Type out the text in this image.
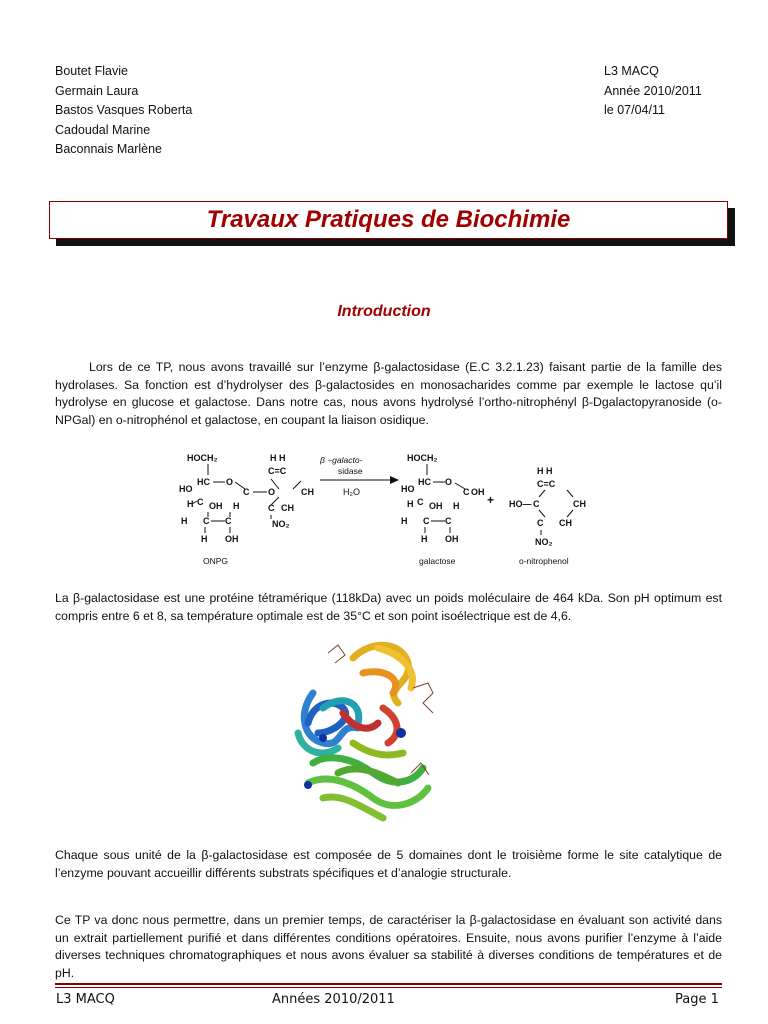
Boutet Flavie
Germain Laura
Bastos Vasques Roberta
Cadoudal Marine
Baconnais Marlène
L3 MACQ
Année 2010/2011
le 07/04/11
Travaux Pratiques de Biochimie
Introduction
Lors de ce TP, nous avons travaillé sur l’enzyme β-galactosidase (E.C 3.2.1.23) faisant partie de la famille des hydrolases. Sa fonction est d’hydrolyser des β-galactosides en monosacharides comme par exemple le lactose qu’il hydrolyse en glucose et galactose. Dans notre cas, nous avons hydrolysé l’ortho-nitrophényl β-Dgalactopyranoside (o-NPGal) en o-nitrophénol et galactose, en coupant la liaison osidique.
HOCH₂
HO
HC O
C O
H C OH H
H C C
H OH
H H
C=C
CH
C CH
NO₂
ONPG
β −galacto-
sidase
H₂O
HOCH₂
HO
HC O
C OH
H C OH H
H C C
H OH
galactose
+
H H
C=C
HO— C	CH
C CH
NO₂
o-nitrophenol
La β-galactosidase est une protéine tétramérique (118kDa) avec un poids moléculaire de 464 kDa. Son pH optimum est compris entre 6 et 8, sa température optimale est de 35°C et son point isoélectrique est de 4,6.
Chaque sous unité de la β-galactosidase est composée de 5 domaines dont le troisième forme le site catalytique de l’enzyme pouvant accueillir différents substrats spécifiques et d’analogie structurale.
Ce TP va donc nous permettre, dans un premier temps, de caractériser la β-galactosidase en évaluant son activité dans un extrait partiellement purifié et dans différentes conditions opératoires. Ensuite, nous avons purifier l’enzyme à l’aide diverses techniques chromatographiques et nous avons évaluer sa stabilité à diverses conditions de températures et de pH.
L3 MACQ	Années 2010/2011	Page 1
